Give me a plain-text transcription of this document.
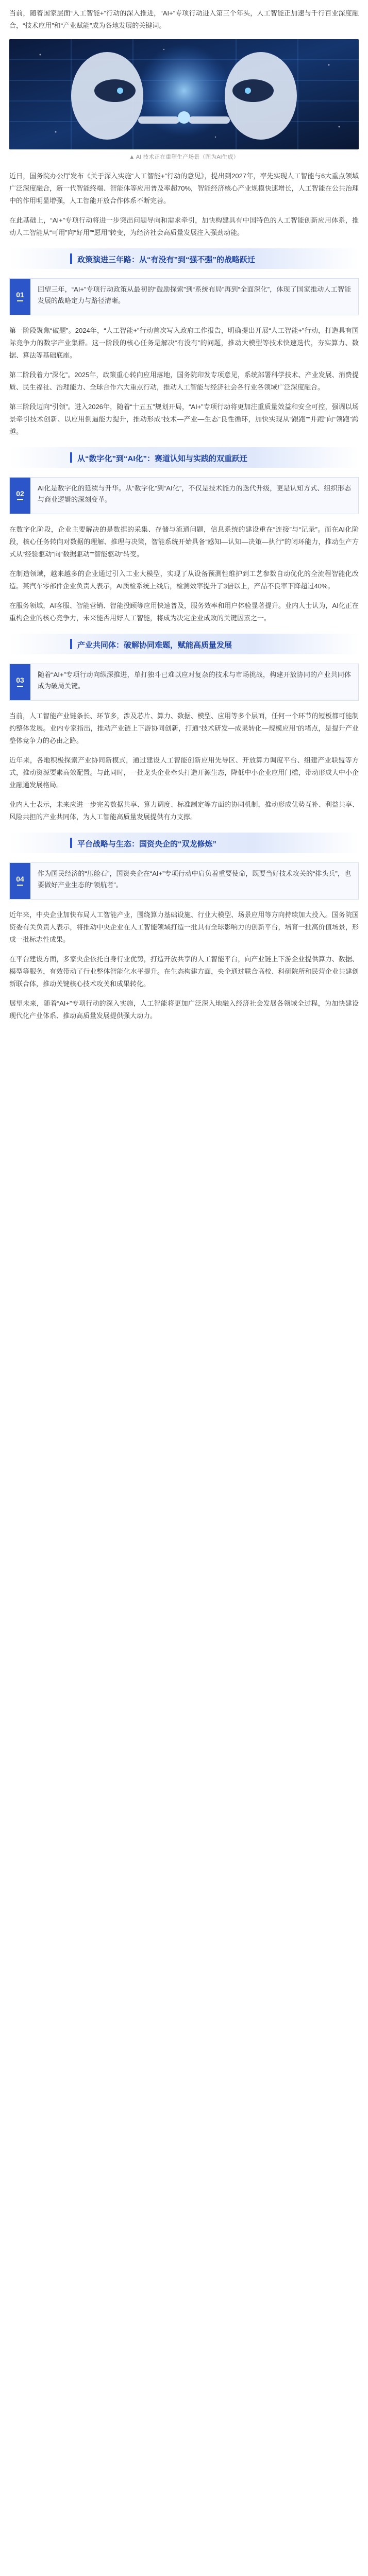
当前，随着国家层面“人工智能+”行动的深入推进，“AI+”专项行动进入第三个年头，人工智能正加速与千行百业深度融合，“技术应用”和“产业赋能”成为各地发展的关键词。

▲ AI 技术正在重塑生产场景（图为AI生成）

近日，国务院办公厅发布《关于深入实施“人工智能+”行动的意见》，提出到2027年，率先实现人工智能与6大重点领域广泛深度融合，新一代智能终端、智能体等应用普及率超70%，智能经济核心产业规模快速增长，人工智能在公共治理中的作用明显增强，人工智能开放合作体系不断完善。

在此基础上，“AI+”专项行动将进一步突出问题导向和需求牵引，加快构建具有中国特色的人工智能创新应用体系，推动人工智能从“可用”向“好用”“愿用”转变，为经济社会高质量发展注入强劲动能。

政策演进三年路：从“有没有”到“强不强”的战略跃迁
01
回望三年，“AI+”专项行动政策从最初的“鼓励探索”到“系统布局”再到“全面深化”，体现了国家推动人工智能发展的战略定力与路径清晰。

第一阶段聚焦“破题”。2024年，“人工智能+”行动首次写入政府工作报告，明确提出开展“人工智能+”行动，打造具有国际竞争力的数字产业集群。这一阶段的核心任务是解决“有没有”的问题，推动大模型等技术快速迭代，夯实算力、数据、算法等基础底座。

第二阶段着力“深化”。2025年，政策重心转向应用落地，国务院印发专项意见，系统部署科学技术、产业发展、消费提质、民生福祉、治理能力、全球合作六大重点行动，推动人工智能与经济社会各行业各领域广泛深度融合。

第三阶段迈向“引领”。进入2026年，随着“十五五”规划开局，“AI+”专项行动将更加注重质量效益和安全可控，强调以场景牵引技术创新、以应用倒逼能力提升，推动形成“技术—产业—生态”良性循环，加快实现从“跟跑”“并跑”向“领跑”跨越。

从“数字化”到“AI化”：赛道认知与实践的双重跃迁
02
AI化是数字化的延续与升华。从“数字化”到“AI化”，不仅是技术能力的迭代升级，更是认知方式、组织形态与商业逻辑的深刻变革。

在数字化阶段，企业主要解决的是数据的采集、存储与流通问题，信息系统的建设重在“连接”与“记录”。而在AI化阶段，核心任务转向对数据的理解、推理与决策，智能系统开始具备“感知—认知—决策—执行”的闭环能力，推动生产方式从“经验驱动”向“数据驱动”“智能驱动”转变。

在制造领域，越来越多的企业通过引入工业大模型，实现了从设备预测性维护到工艺参数自动优化的全流程智能化改造。某汽车零部件企业负责人表示，AI质检系统上线后，检测效率提升了3倍以上，产品不良率下降超过40%。

在服务领域，AI客服、智能营销、智能投顾等应用快速普及，服务效率和用户体验显著提升。业内人士认为，AI化正在重构企业的核心竞争力，未来能否用好人工智能，将成为决定企业成败的关键因素之一。

产业共同体：破解协同难题，赋能高质量发展
03
随着“AI+”专项行动向纵深推进，单打独斗已难以应对复杂的技术与市场挑战，构建开放协同的产业共同体成为破局关键。

当前，人工智能产业链条长、环节多，涉及芯片、算力、数据、模型、应用等多个层面，任何一个环节的短板都可能制约整体发展。业内专家指出，推动产业链上下游协同创新，打通“技术研发—成果转化—规模应用”的堵点，是提升产业整体竞争力的必由之路。

近年来，各地积极探索产业协同新模式，通过建设人工智能创新应用先导区、开放算力调度平台、组建产业联盟等方式，推动资源要素高效配置。与此同时，一批龙头企业牵头打造开源生态，降低中小企业应用门槛，带动形成大中小企业融通发展格局。

业内人士表示，未来应进一步完善数据共享、算力调度、标准制定等方面的协同机制，推动形成优势互补、利益共享、风险共担的产业共同体，为人工智能高质量发展提供有力支撑。

平台战略与生态：国资央企的“双龙修炼”
04
作为国民经济的“压舱石”，国资央企在“AI+”专项行动中肩负着重要使命，既要当好技术攻关的“排头兵”，也要做好产业生态的“领航者”。

近年来，中央企业加快布局人工智能产业，围绕算力基础设施、行业大模型、场景应用等方向持续加大投入。国务院国资委有关负责人表示，将推动中央企业在人工智能领域打造一批具有全球影响力的创新平台，培育一批高价值场景，形成一批标志性成果。

在平台建设方面，多家央企依托自身行业优势，打造开放共享的人工智能平台，向产业链上下游企业提供算力、数据、模型等服务，有效带动了行业整体智能化水平提升。在生态构建方面，央企通过联合高校、科研院所和民营企业共建创新联合体，推动关键核心技术攻关和成果转化。

展望未来，随着“AI+”专项行动的深入实施，人工智能将更加广泛深入地融入经济社会发展各领域全过程，为加快建设现代化产业体系、推动高质量发展提供强大动力。
